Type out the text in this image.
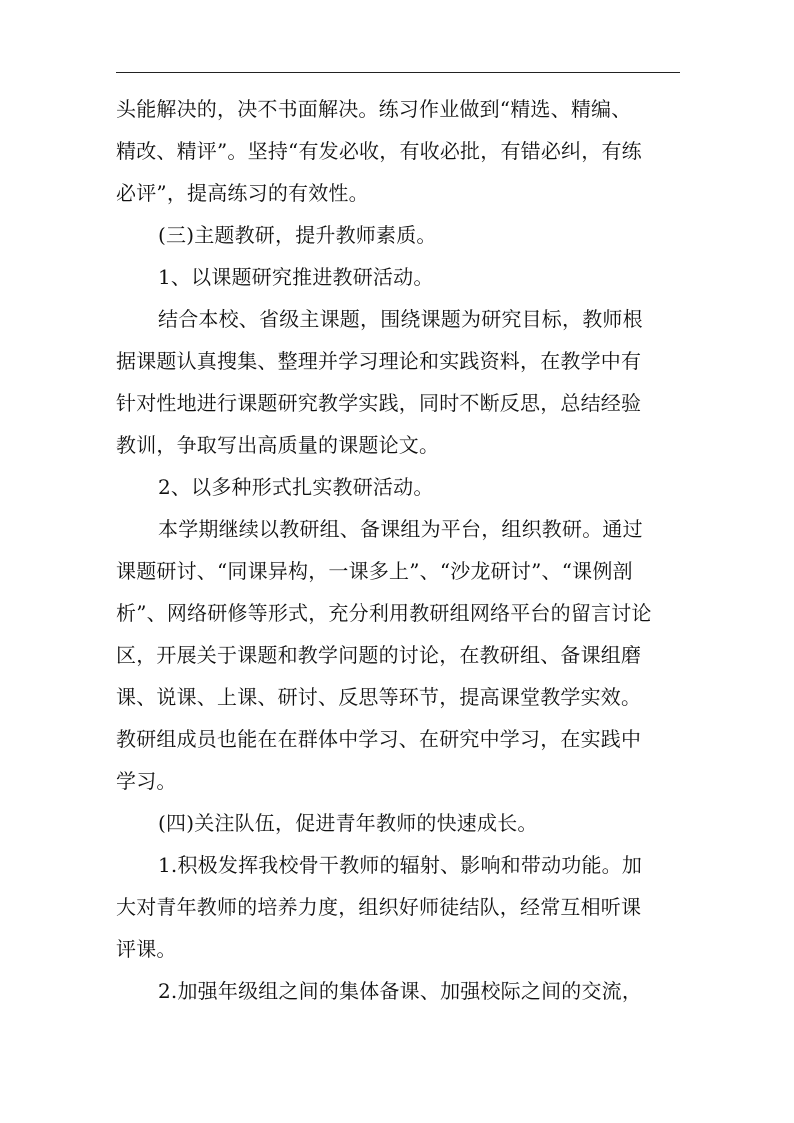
头能解决的，决不书面解决。练习作业做到“精选、精编、
精改、精评”。坚持“有发必收，有收必批，有错必纠，有练
必评”，提高练习的有效性。
(三)主题教研，提升教师素质。
1、以课题研究推进教研活动。
结合本校、省级主课题，围绕课题为研究目标，教师根
据课题认真搜集、整理并学习理论和实践资料，在教学中有
针对性地进行课题研究教学实践，同时不断反思，总结经验
教训，争取写出高质量的课题论文。
2、以多种形式扎实教研活动。
本学期继续以教研组、备课组为平台，组织教研。通过
课题研讨、“同课异构，一课多上”、“沙龙研讨”、“课例剖
析”、网络研修等形式，充分利用教研组网络平台的留言讨论
区，开展关于课题和教学问题的讨论，在教研组、备课组磨
课、说课、上课、研讨、反思等环节，提高课堂教学实效。
教研组成员也能在在群体中学习、在研究中学习，在实践中
学习。
(四)关注队伍，促进青年教师的快速成长。
1.积极发挥我校骨干教师的辐射、影响和带动功能。加
大对青年教师的培养力度，组织好师徒结队，经常互相听课
评课。
2.加强年级组之间的集体备课、加强校际之间的交流，
